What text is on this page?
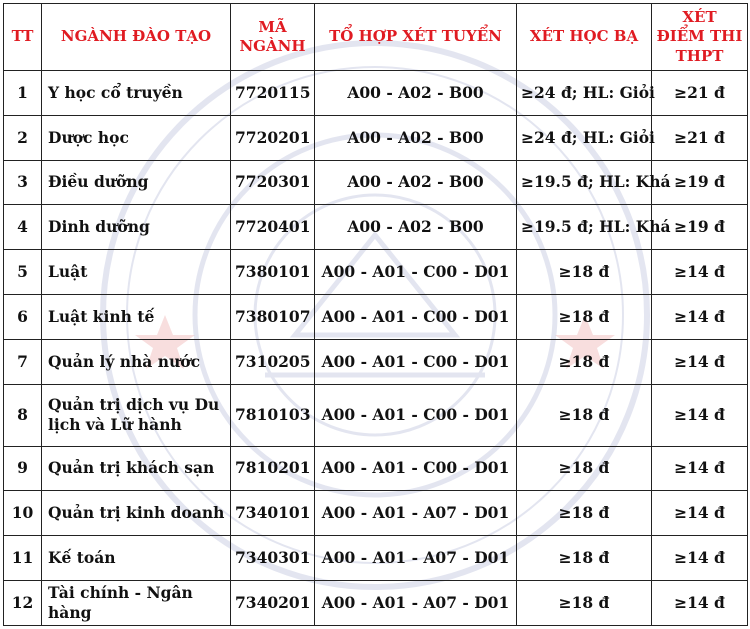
TT	NGÀNH ĐÀO TẠO	MÃ NGÀNH	TỔ HỢP XÉT TUYỂN	XÉT HỌC BẠ	XÉT ĐIỂM THI THPT
1	Y học cổ truyền	7720115	A00 - A02 - B00	≥24 đ; HL: Giỏi	≥21 đ
2	Dược học	7720201	A00 - A02 - B00	≥24 đ; HL: Giỏi	≥21 đ
3	Điều dưỡng	7720301	A00 - A02 - B00	≥19.5 đ; HL: Khá	≥19 đ
4	Dinh dưỡng	7720401	A00 - A02 - B00	≥19.5 đ; HL: Khá	≥19 đ
5	Luật	7380101	A00 - A01 - C00 - D01	≥18 đ	≥14 đ
6	Luật kinh tế	7380107	A00 - A01 - C00 - D01	≥18 đ	≥14 đ
7	Quản lý nhà nước	7310205	A00 - A01 - C00 - D01	≥18 đ	≥14 đ
8	Quản trị dịch vụ Du lịch và Lữ hành	7810103	A00 - A01 - C00 - D01	≥18 đ	≥14 đ
9	Quản trị khách sạn	7810201	A00 - A01 - C00 - D01	≥18 đ	≥14 đ
10	Quản trị kinh doanh	7340101	A00 - A01 - A07 - D01	≥18 đ	≥14 đ
11	Kế toán	7340301	A00 - A01 - A07 - D01	≥18 đ	≥14 đ
12	Tài chính - Ngân hàng	7340201	A00 - A01 - A07 - D01	≥18 đ	≥14 đ
